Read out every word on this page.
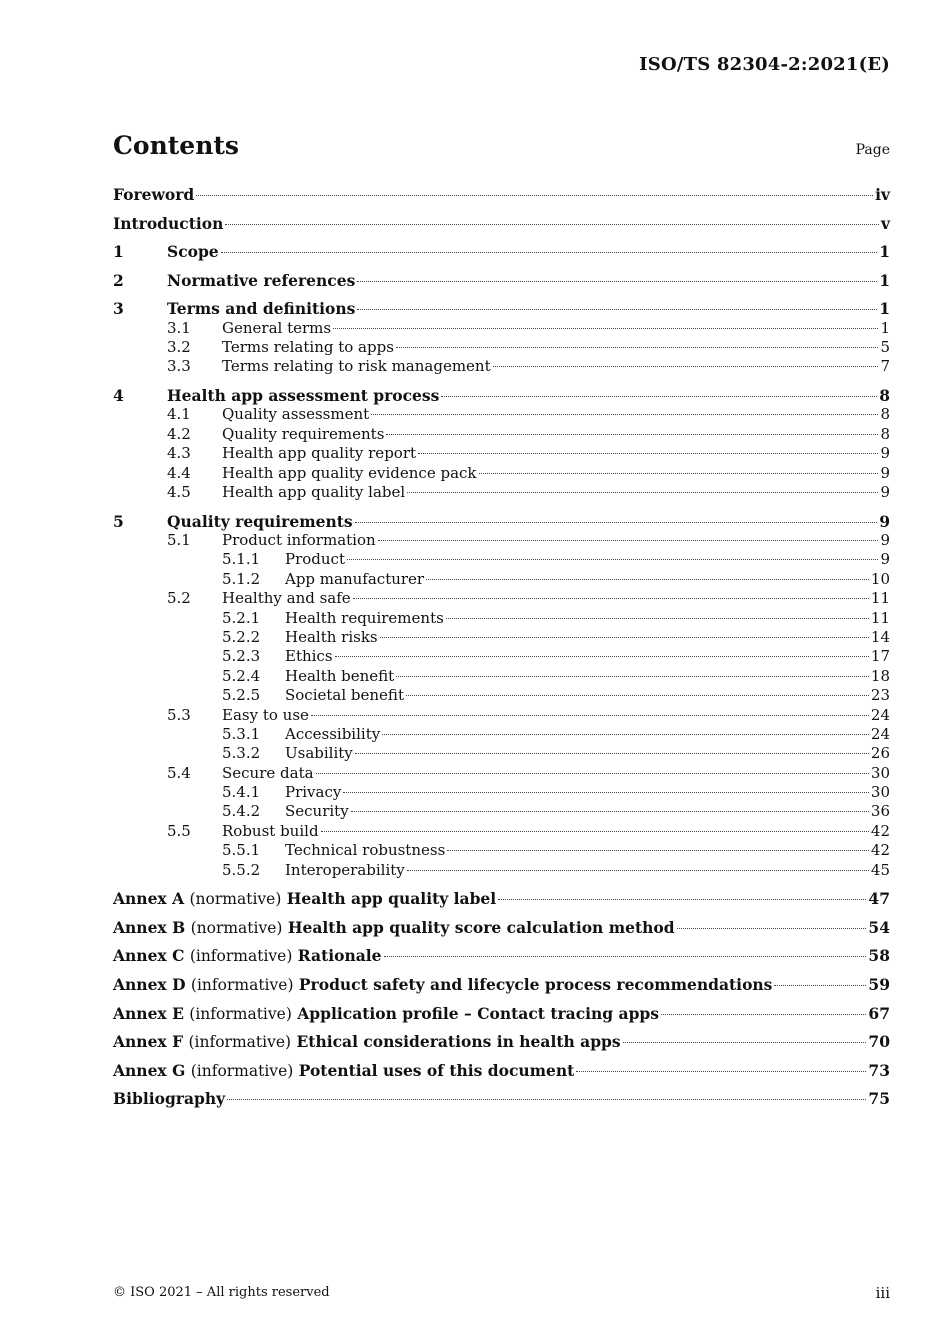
ISO/TS 82304-2:2021(E)
Contents	Page
Foreword	iv
Introduction	v
1	Scope	1
2	Normative references	1
3	Terms and definitions	1
3.1	General terms	1
3.2	Terms relating to apps	5
3.3	Terms relating to risk management	7
4	Health app assessment process	8
4.1	Quality assessment	8
4.2	Quality requirements	8
4.3	Health app quality report	9
4.4	Health app quality evidence pack	9
4.5	Health app quality label	9
5	Quality requirements	9
5.1	Product information	9
5.1.1	Product	9
5.1.2	App manufacturer	10
5.2	Healthy and safe	11
5.2.1	Health requirements	11
5.2.2	Health risks	14
5.2.3	Ethics	17
5.2.4	Health benefit	18
5.2.5	Societal benefit	23
5.3	Easy to use	24
5.3.1	Accessibility	24
5.3.2	Usability	26
5.4	Secure data	30
5.4.1	Privacy	30
5.4.2	Security	36
5.5	Robust build	42
5.5.1	Technical robustness	42
5.5.2	Interoperability	45
Annex A (normative) Health app quality label	47
Annex B (normative) Health app quality score calculation method	54
Annex C (informative) Rationale	58
Annex D (informative) Product safety and lifecycle process recommendations	59
Annex E (informative) Application profile – Contact tracing apps	67
Annex F (informative) Ethical considerations in health apps	70
Annex G (informative) Potential uses of this document	73
Bibliography	75
© ISO 2021 – All rights reserved	iii
